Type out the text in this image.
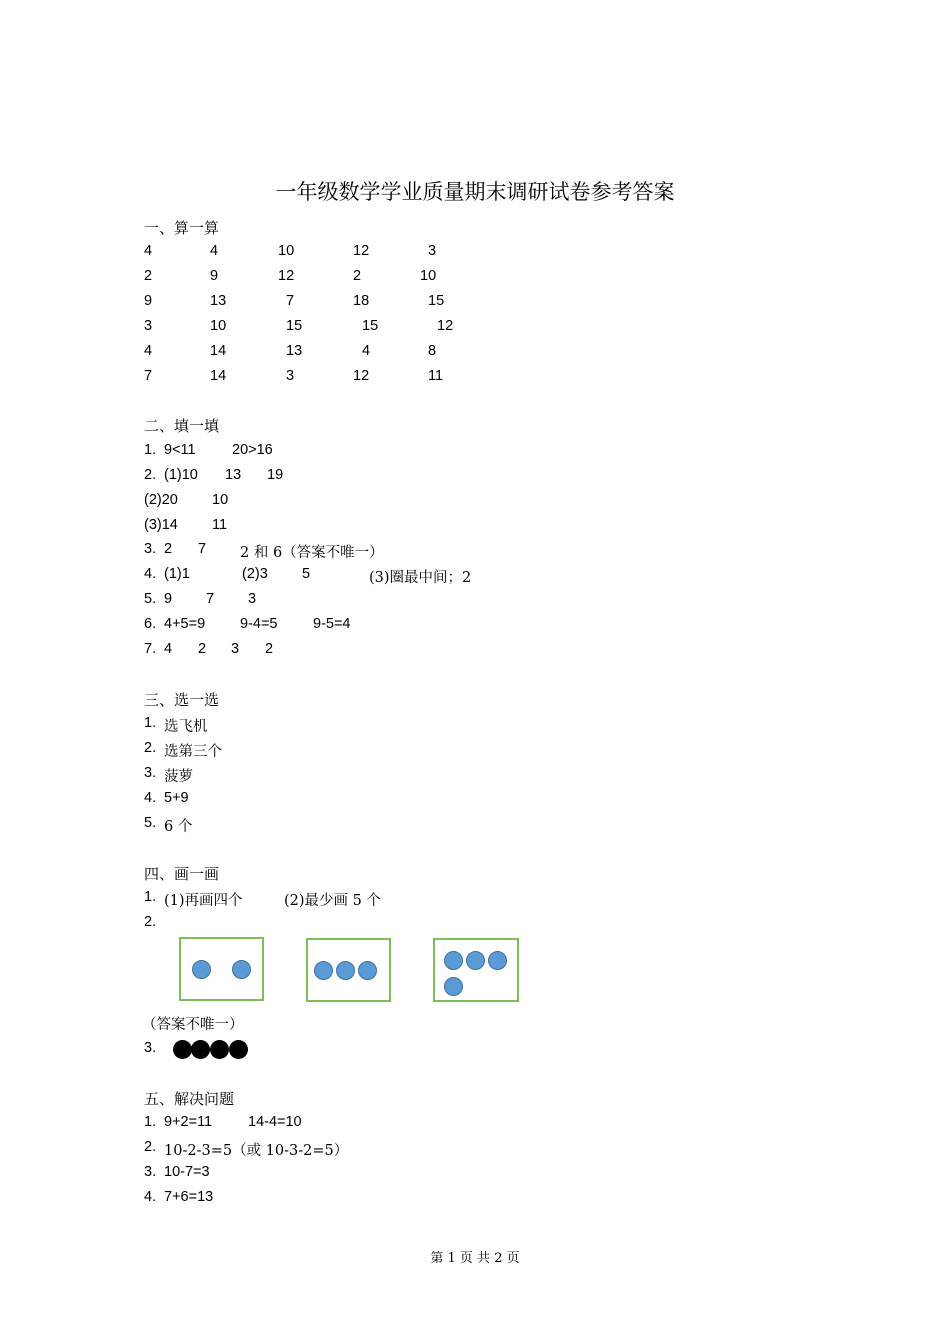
一年级数学学业质量期末调研试卷参考答案
一、算一算
4	4	10	12	3
2	9	12	2	10
9	13	7	18	15
3	10	15	15	12
4	14	13	4	8
7	14	3	12	11
二、填一填
1. 9<11	20>16
2. (1)10 13 19
(2)20 10
(3)14 11
3. 2 7 2 和 6（答案不唯一）
4. (1)1	(2)3 5	(3)圈最中间；2
5. 9 7 3
6. 4+5=9 9-4=5 9-5=4
7. 4 2 3 2
三、选一选
1. 选飞机
2. 选第三个
3. 菠萝
4. 5+9
5. 6 个
四、画一画
1. (1)再画四个	(2)最少画 5 个
2.
（答案不唯一）
3.
五、解决问题
1. 9+2=11 14-4=10
2. 10-2-3=5（或 10-3-2=5）
3. 10-7=3
4. 7+6=13
第 1 页 共 2 页
